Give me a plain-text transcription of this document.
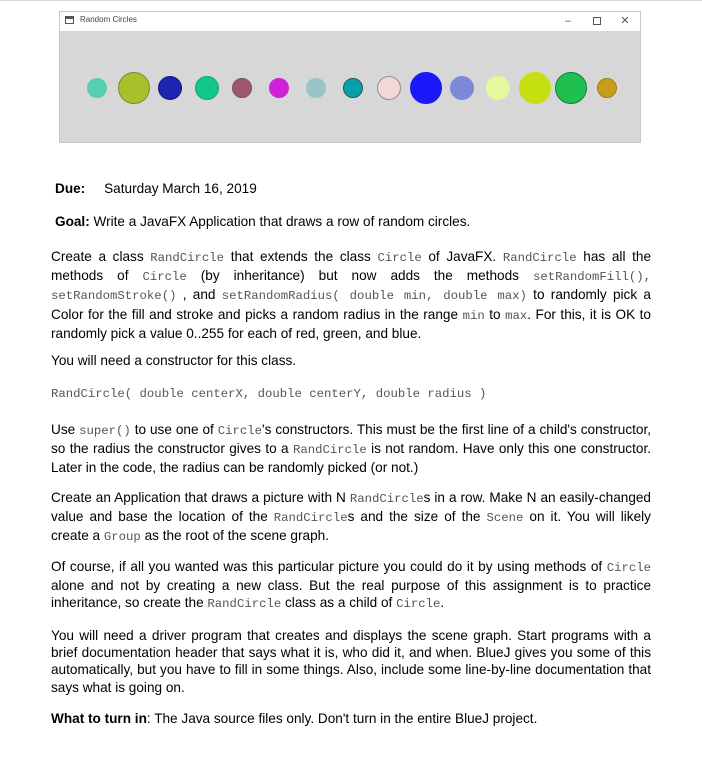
Random Circles	–	✕

Due: Saturday March 16, 2019

Goal: Write a JavaFX Application that draws a row of random circles.

Create a class RandCircle that extends the class Circle of JavaFX. RandCircle has all the methods of Circle (by inheritance) but now adds the methods setRandomFill(), setRandomStroke() , and setRandomRadius( double min, double max) to randomly pick a Color for the fill and stroke and picks a random radius in the range min to max. For this, it is OK to randomly pick a value 0..255 for each of red, green, and blue.

You will need a constructor for this class.

RandCircle( double centerX, double centerY, double radius )

Use super() to use one of Circle's constructors. This must be the first line of a child's constructor, so the radius the constructor gives to a RandCircle is not random. Have only this one constructor. Later in the code, the radius can be randomly picked (or not.)

Create an Application that draws a picture with N RandCircles in a row. Make N an easily-changed value and base the location of the RandCircles and the size of the Scene on it. You will likely create a Group as the root of the scene graph.

Of course, if all you wanted was this particular picture you could do it by using methods of Circle alone and not by creating a new class. But the real purpose of this assignment is to practice inheritance, so create the RandCircle class as a child of Circle.

You will need a driver program that creates and displays the scene graph. Start programs with a brief documentation header that says what it is, who did it, and when. BlueJ gives you some of this automatically, but you have to fill in some things. Also, include some line-by-line documentation that says what is going on.

What to turn in: The Java source files only. Don't turn in the entire BlueJ project.
